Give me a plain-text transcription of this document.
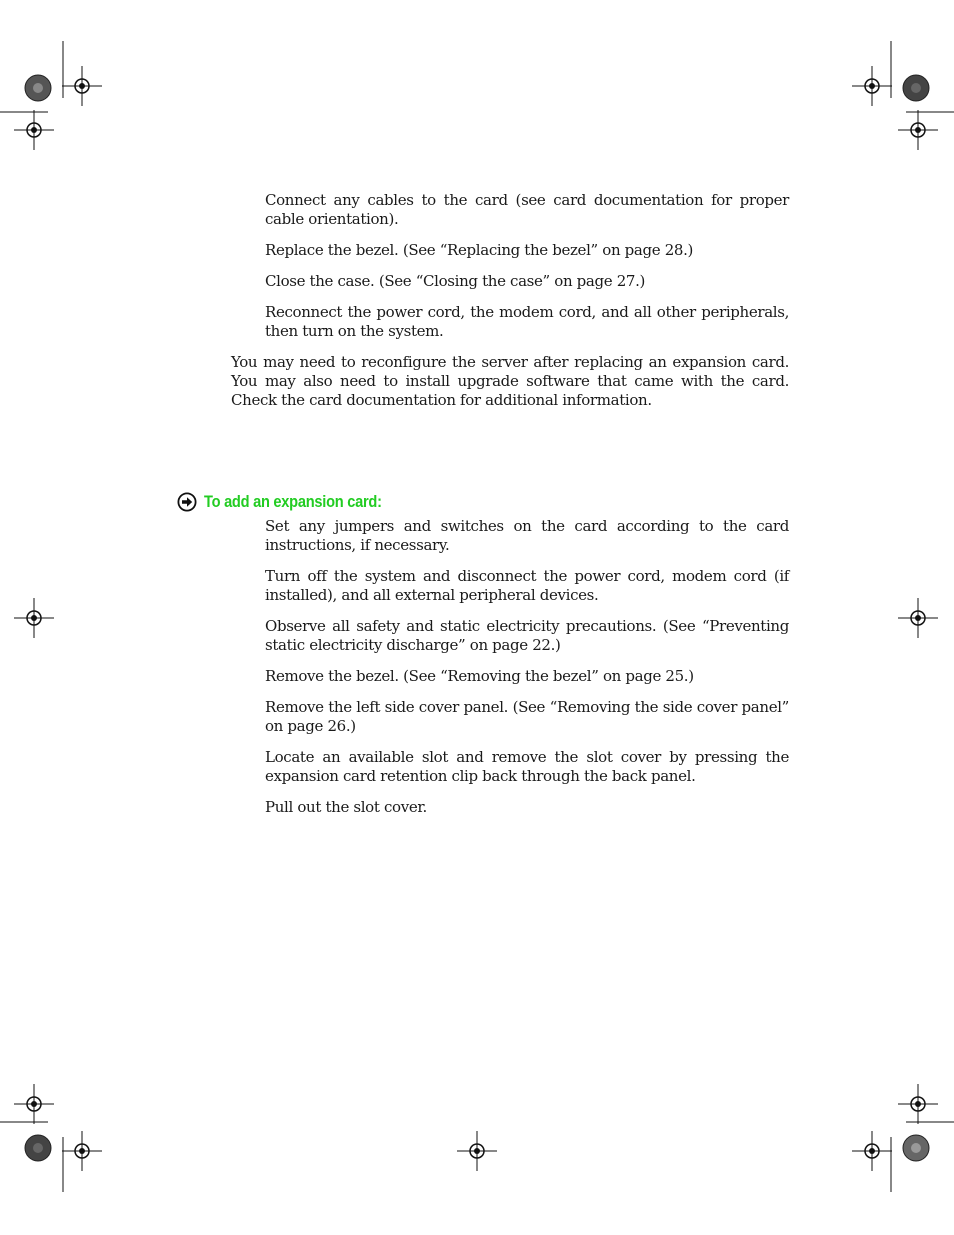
Connect any cables to the card (see card documentation for proper cable orientation).

Replace the bezel. (See “Replacing the bezel” on page 28.)

Close the case. (See “Closing the case” on page 27.)

Reconnect the power cord, the modem cord, and all other peripherals, then turn on the system.

You may need to reconfigure the server after replacing an expansion card. You may also need to install upgrade software that came with the card. Check the card documentation for additional information.

To add an expansion card:

Set any jumpers and switches on the card according to the card instructions, if necessary.

Turn off the system and disconnect the power cord, modem cord (if installed), and all external peripheral devices.

Observe all safety and static electricity precautions. (See “Preventing static electricity discharge” on page 22.)

Remove the bezel. (See “Removing the bezel” on page 25.)

Remove the left side cover panel. (See “Removing the side cover panel” on page 26.)

Locate an available slot and remove the slot cover by pressing the expansion card retention clip back through the back panel.

Pull out the slot cover.
